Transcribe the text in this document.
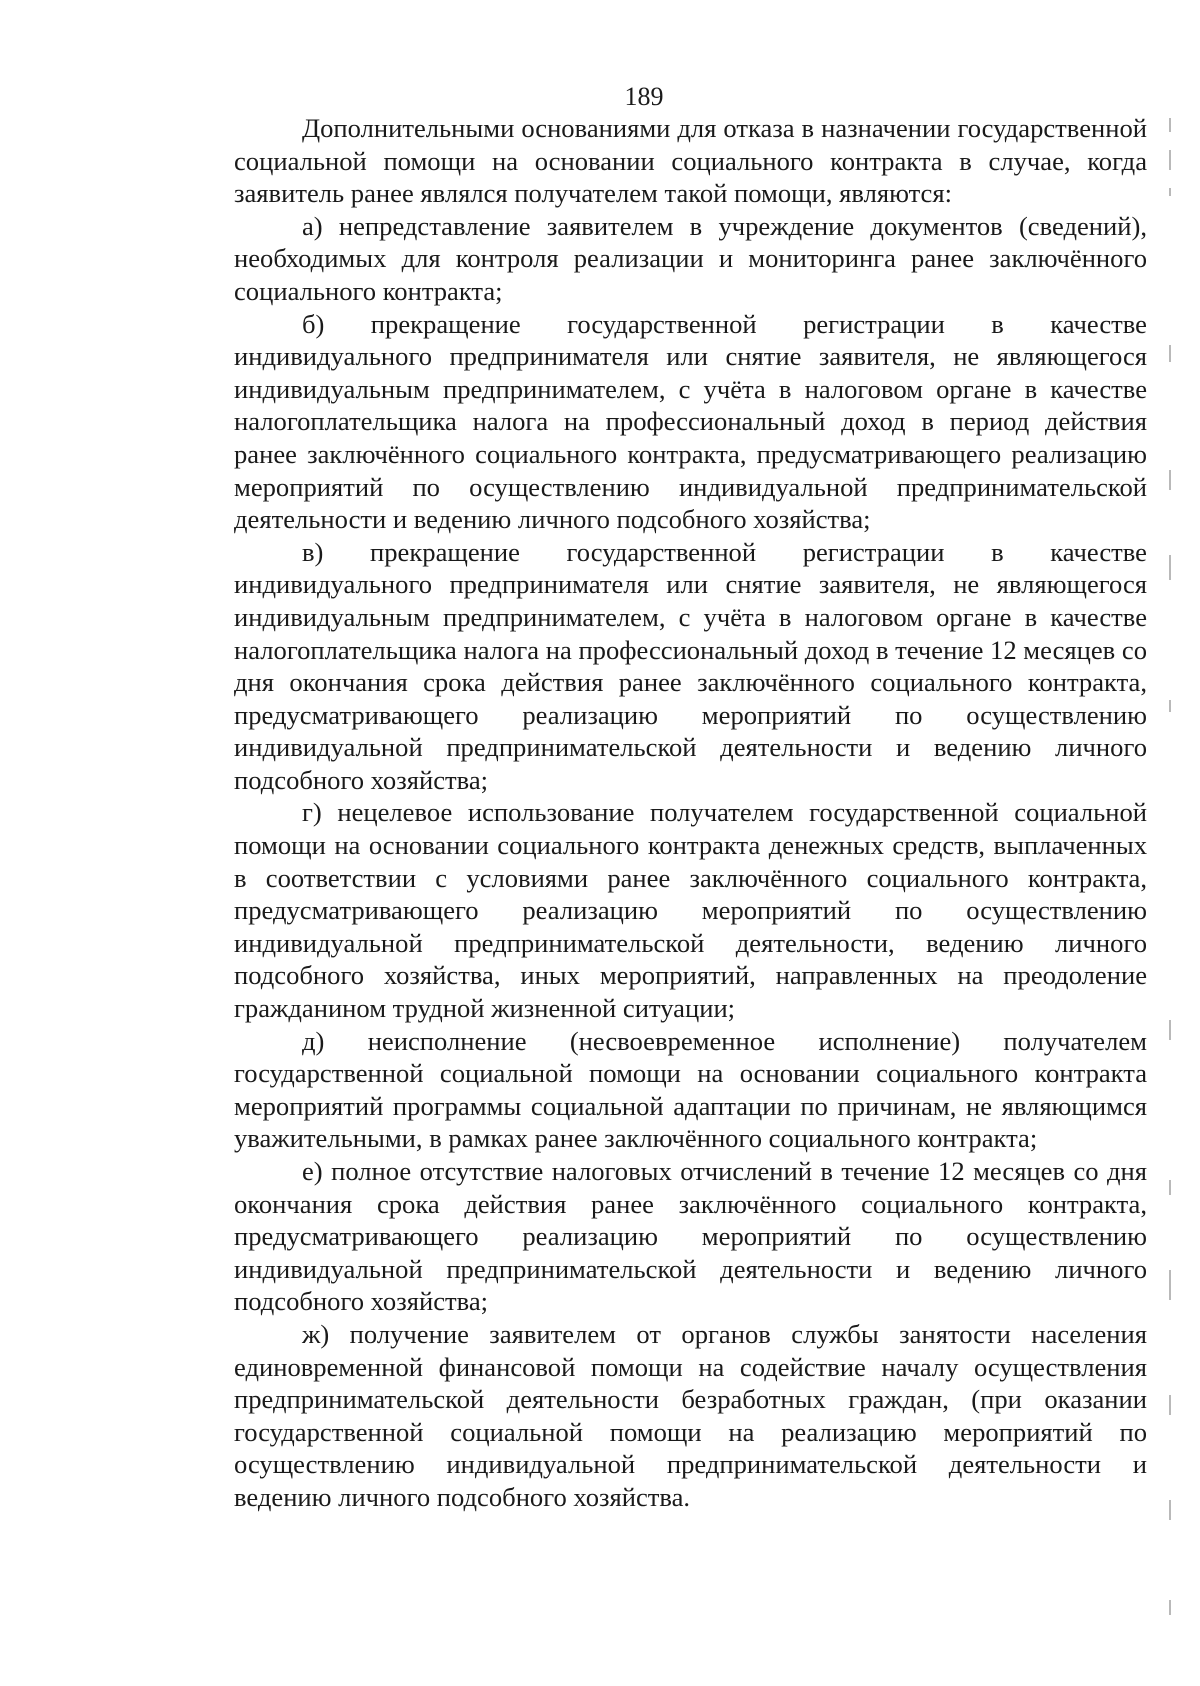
189

Дополнительными основаниями для отказа в назначении государственной социальной помощи на основании социального контракта в случае, когда заявитель ранее являлся получателем такой помощи, являются:

а) непредставление заявителем в учреждение документов (сведений), необходимых для контроля реализации и мониторинга ранее заключённого социального контракта;

б) прекращение государственной регистрации в качестве индивидуального предпринимателя или снятие заявителя, не являющегося индивидуальным предпринимателем, с учёта в налоговом органе в качестве налогоплательщика налога на профессиональный доход в период действия ранее заключённого социального контракта, предусматривающего реализацию мероприятий по осуществлению индивидуальной предпринимательской деятельности и ведению личного подсобного хозяйства;

в) прекращение государственной регистрации в качестве индивидуального предпринимателя или снятие заявителя, не являющегося индивидуальным предпринимателем, с учёта в налоговом органе в качестве налогоплательщика налога на профессиональный доход в течение 12 месяцев со дня окончания срока действия ранее заключённого социального контракта, предусматривающего реализацию мероприятий по осуществлению индивидуальной предпринимательской деятельности и ведению личного подсобного хозяйства;

г) нецелевое использование получателем государственной социальной помощи на основании социального контракта денежных средств, выплаченных в соответствии с условиями ранее заключённого социального контракта, предусматривающего реализацию мероприятий по осуществлению индивидуальной предпринимательской деятельности, ведению личного подсобного хозяйства, иных мероприятий, направленных на преодоление гражданином трудной жизненной ситуации;

д) неисполнение (несвоевременное исполнение) получателем государственной социальной помощи на основании социального контракта мероприятий программы социальной адаптации по причинам, не являющимся уважительными, в рамках ранее заключённого социального контракта;

е) полное отсутствие налоговых отчислений в течение 12 месяцев со дня окончания срока действия ранее заключённого социального контракта, предусматривающего реализацию мероприятий по осуществлению индивидуальной предпринимательской деятельности и ведению личного подсобного хозяйства;

ж) получение заявителем от органов службы занятости населения единовременной финансовой помощи на содействие началу осуществления предпринимательской деятельности безработных граждан, (при оказании государственной социальной помощи на реализацию мероприятий по осуществлению индивидуальной предпринимательской деятельности и ведению личного подсобного хозяйства.
